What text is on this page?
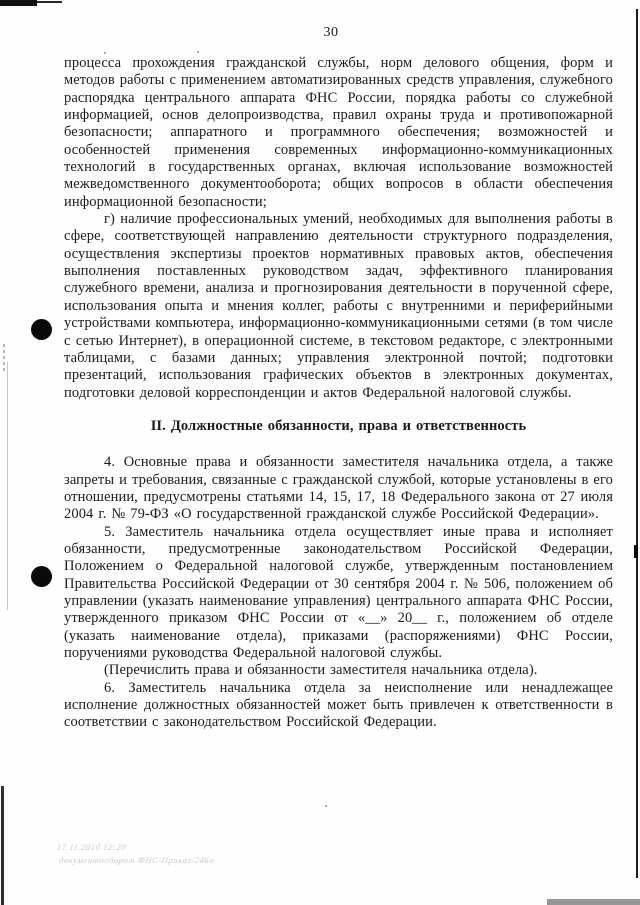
30

процесса прохождения гражданской службы, норм делового общения, форм и методов работы с применением автоматизированных средств управления, служебного распорядка центрального аппарата ФНС России, порядка работы со служебной информацией, основ делопроизводства, правил охраны труда и противопожарной безопасности; аппаратного и программного обеспечения; возможностей и особенностей применения современных информационно-коммуникационных технологий в государственных органах, включая использование возможностей межведомственного документооборота; общих вопросов в области обеспечения информационной безопасности;

г) наличие профессиональных умений, необходимых для выполнения работы в сфере, соответствующей направлению деятельности структурного подразделения, осуществления экспертизы проектов нормативных правовых актов, обеспечения выполнения поставленных руководством задач, эффективного планирования служебного времени, анализа и прогнозирования деятельности в порученной сфере, использования опыта и мнения коллег, работы с внутренними и периферийными устройствами компьютера, информационно-коммуникационными сетями (в том числе с сетью Интернет), в операционной системе, в текстовом редакторе, с электронными таблицами, с базами данных; управления электронной почтой; подготовки презентаций, использования графических объектов в электронных документах, подготовки деловой корреспонденции и актов Федеральной налоговой службы.

II. Должностные обязанности, права и ответственность

4. Основные права и обязанности заместителя начальника отдела, а также запреты и требования, связанные с гражданской службой, которые установлены в его отношении, предусмотрены статьями 14, 15, 17, 18 Федерального закона от 27 июля 2004 г. № 79-ФЗ «О государственной гражданской службе Российской Федерации».

5. Заместитель начальника отдела осуществляет иные права и исполняет обязанности, предусмотренные законодательством Российской Федерации, Положением о Федеральной налоговой службе, утвержденным постановлением Правительства Российской Федерации от 30 сентября 2004 г. № 506, положением об управлении (указать наименование управления) центрального аппарата ФНС России, утвержденного приказом ФНС России от «__» 20__ г., положением об отделе (указать наименование отдела), приказами (распоряжениями) ФНС России, поручениями руководства Федеральной налоговой службы.

(Перечислить права и обязанности заместителя начальника отдела).

6. Заместитель начальника отдела за неисполнение или ненадлежащее исполнение должностных обязанностей может быть привлечен к ответственности в соответствии с законодательством Российской Федерации.

17.11.2010 12:20
документооборот ФНС-Приказ-246о
